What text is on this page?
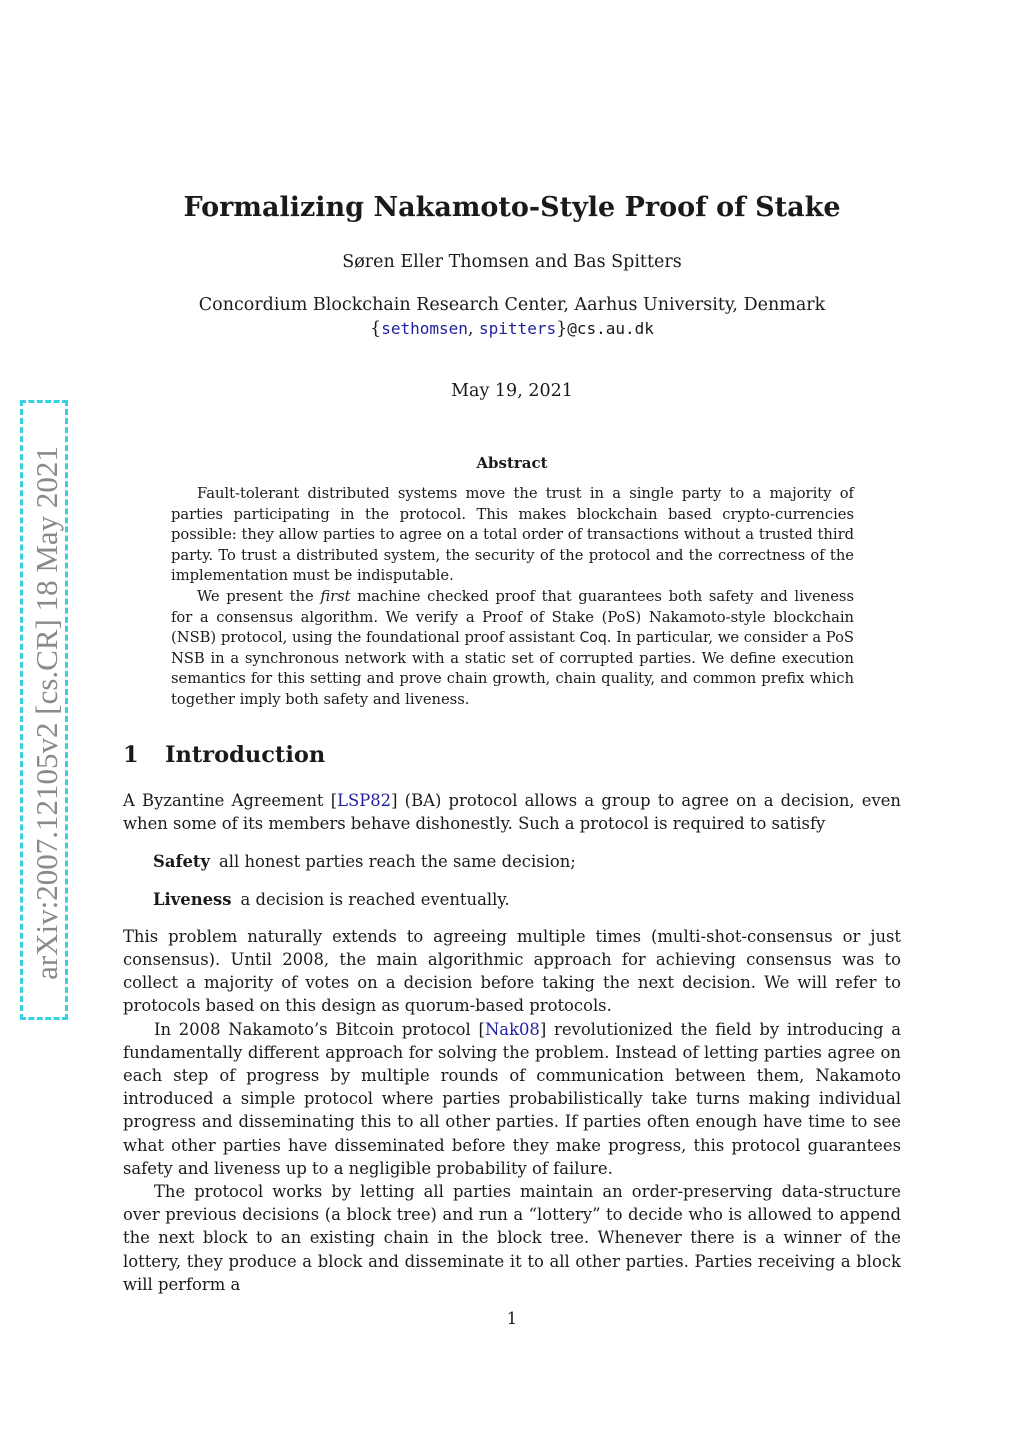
arXiv:2007.12105v2 [cs.CR] 18 May 2021
Formalizing Nakamoto-Style Proof of Stake
Søren Eller Thomsen and Bas Spitters
Concordium Blockchain Research Center, Aarhus University, Denmark
{sethomsen, spitters}@cs.au.dk
May 19, 2021
Abstract

Fault-tolerant distributed systems move the trust in a single party to a majority of parties participating in the protocol. This makes blockchain based crypto-currencies possible: they allow parties to agree on a total order of transactions without a trusted third party. To trust a distributed system, the security of the protocol and the correctness of the implementation must be indisputable.

We present the first machine checked proof that guarantees both safety and liveness for a consensus algorithm. We verify a Proof of Stake (PoS) Nakamoto-style blockchain (NSB) protocol, using the foundational proof assistant Coq. In particular, we consider a PoS NSB in a synchronous network with a static set of corrupted parties. We define execution semantics for this setting and prove chain growth, chain quality, and common prefix which together imply both safety and liveness.

1 Introduction

A Byzantine Agreement [LSP82] (BA) protocol allows a group to agree on a decision, even when some of its members behave dishonestly. Such a protocol is required to satisfy

Safety all honest parties reach the same decision;

Liveness a decision is reached eventually.

This problem naturally extends to agreeing multiple times (multi-shot-consensus or just consensus). Until 2008, the main algorithmic approach for achieving consensus was to collect a majority of votes on a decision before taking the next decision. We will refer to protocols based on this design as quorum-based protocols.

In 2008 Nakamoto’s Bitcoin protocol [Nak08] revolutionized the field by introducing a fundamentally different approach for solving the problem. Instead of letting parties agree on each step of progress by multiple rounds of communication between them, Nakamoto introduced a simple protocol where parties probabilistically take turns making individual progress and disseminating this to all other parties. If parties often enough have time to see what other parties have disseminated before they make progress, this protocol guarantees safety and liveness up to a negligible probability of failure.

The protocol works by letting all parties maintain an order-preserving data-structure over previous decisions (a block tree) and run a “lottery” to decide who is allowed to append the next block to an existing chain in the block tree. Whenever there is a winner of the lottery, they produce a block and disseminate it to all other parties. Parties receiving a block will perform a

1
